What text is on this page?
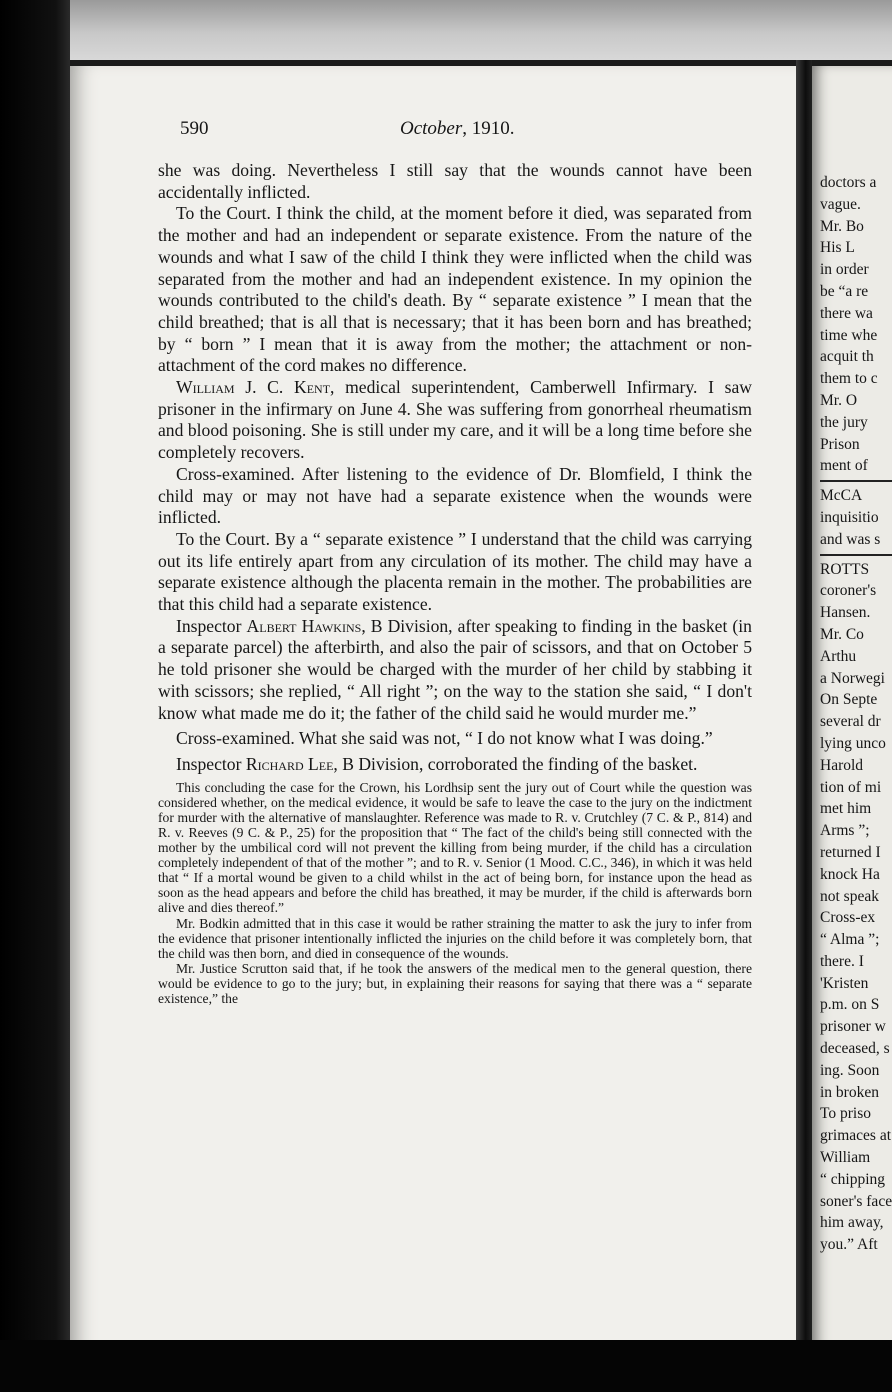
doctors a
vague.
Mr. Bo
His L
in order
be “a re
there wa
time whe
acquit th
them to c
Mr. O
the jury
Prison
ment of
McCA
inquisitio
and was s
ROTTS
coroner's
Hansen.
Mr. Co
Arthu
a Norwegi
On Septe
several dr
lying unco
Harold
tion of mi
met him
Arms ”;
returned I
knock Ha
not speak
Cross-ex
“ Alma ”;
there. I
'Kristen
p.m. on S
prisoner w
deceased, s
ing. Soon
in broken
To priso
grimaces at
William
“ chipping
soner's face
him away,
you.” Aft
590	October, 1910.

she was doing. Nevertheless I still say that the wounds cannot have been accidentally inflicted.

To the Court. I think the child, at the moment before it died, was separated from the mother and had an independent or separate existence. From the nature of the wounds and what I saw of the child I think they were inflicted when the child was separated from the mother and had an independent existence. In my opinion the wounds contributed to the child's death. By “ separate existence ” I mean that the child breathed; that is all that is necessary; that it has been born and has breathed; by “ born ” I mean that it is away from the mother; the attachment or non-attachment of the cord makes no difference.

William J. C. Kent, medical superintendent, Camberwell Infirmary. I saw prisoner in the infirmary on June 4. She was suffering from gonorrheal rheumatism and blood poisoning. She is still under my care, and it will be a long time before she completely recovers.

Cross-examined. After listening to the evidence of Dr. Blomfield, I think the child may or may not have had a separate existence when the wounds were inflicted.

To the Court. By a “ separate existence ” I understand that the child was carrying out its life entirely apart from any circulation of its mother. The child may have a separate existence although the placenta remain in the mother. The probabilities are that this child had a separate existence.

Inspector Albert Hawkins, B Division, after speaking to finding in the basket (in a separate parcel) the afterbirth, and also the pair of scissors, and that on October 5 he told prisoner she would be charged with the murder of her child by stabbing it with scissors; she replied, “ All right ”; on the way to the station she said, “ I don't know what made me do it; the father of the child said he would murder me.”

Cross-examined. What she said was not, “ I do not know what I was doing.”

Inspector Richard Lee, B Division, corroborated the finding of the basket.

This concluding the case for the Crown, his Lordhsip sent the jury out of Court while the question was considered whether, on the medical evidence, it would be safe to leave the case to the jury on the indictment for murder with the alternative of manslaughter. Reference was made to R. v. Crutchley (7 C. & P., 814) and R. v. Reeves (9 C. & P., 25) for the proposition that “ The fact of the child's being still connected with the mother by the umbilical cord will not prevent the killing from being murder, if the child has a circulation completely independent of that of the mother ”; and to R. v. Senior (1 Mood. C.C., 346), in which it was held that “ If a mortal wound be given to a child whilst in the act of being born, for instance upon the head as soon as the head appears and before the child has breathed, it may be murder, if the child is afterwards born alive and dies thereof.”

Mr. Bodkin admitted that in this case it would be rather straining the matter to ask the jury to infer from the evidence that prisoner intentionally inflicted the injuries on the child before it was completely born, that the child was then born, and died in consequence of the wounds.

Mr. Justice Scrutton said that, if he took the answers of the medical men to the general question, there would be evidence to go to the jury; but, in explaining their reasons for saying that there was a “ separate existence,” the
